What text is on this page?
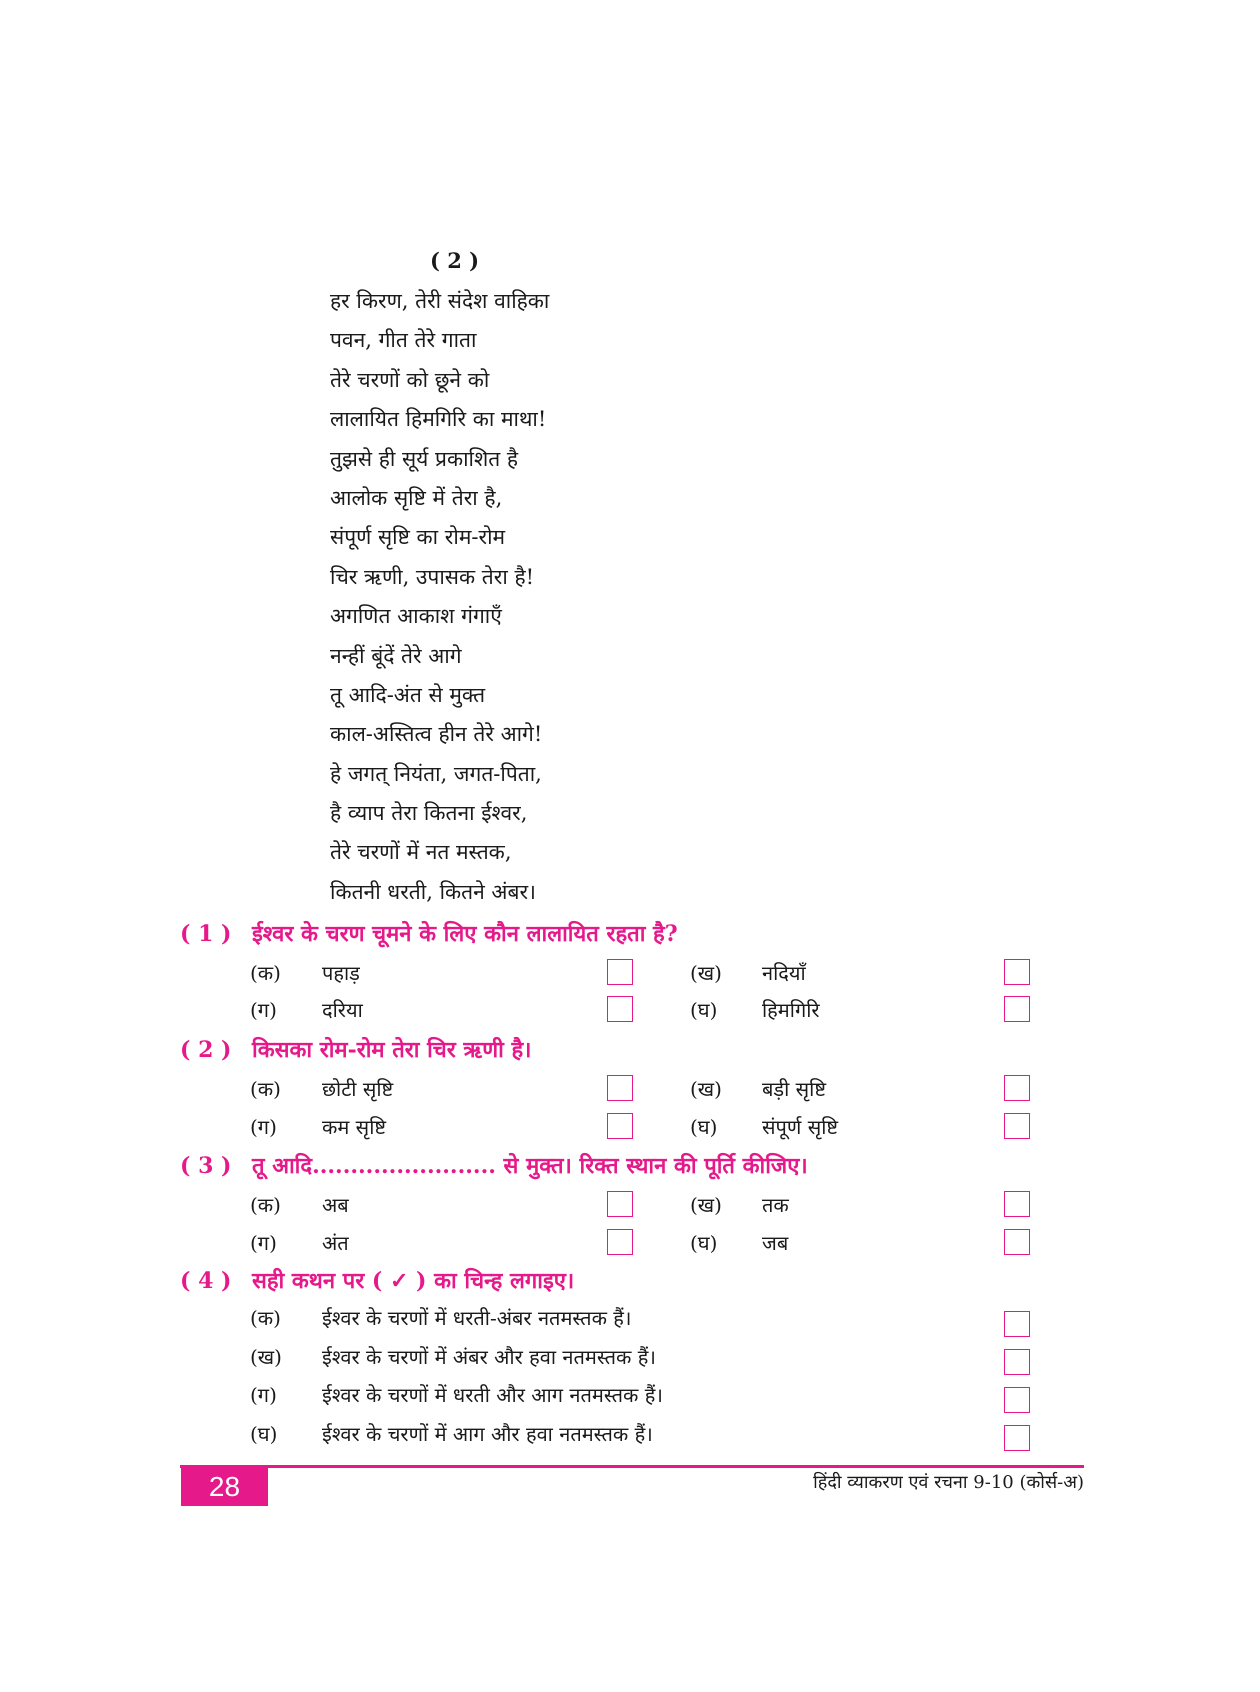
( 2 )
हर किरण, तेरी संदेश वाहिका
पवन, गीत तेरे गाता
तेरे चरणों को छूने को
लालायित हिमगिरि का माथा!
तुझसे ही सूर्य प्रकाशित है
आलोक सृष्टि में तेरा है,
संपूर्ण सृष्टि का रोम-रोम
चिर ऋणी, उपासक तेरा है!
अगणित आकाश गंगाएँ
नन्हीं बूंदें तेरे आगे
तू आदि-अंत से मुक्त
काल-अस्तित्व हीन तेरे आगे!
हे जगत् नियंता, जगत-पिता,
है व्याप तेरा कितना ईश्वर,
तेरे चरणों में नत मस्तक,
कितनी धरती, कितने अंबर।
( 1 ) ईश्वर के चरण चूमने के लिए कौन लालायित रहता है?
(क) पहाड़	(ख) नदियाँ
(ग) दरिया	(घ) हिमगिरि
( 2 ) किसका रोम-रोम तेरा चिर ऋणी है।
(क) छोटी सृष्टि	(ख) बड़ी सृष्टि
(ग) कम सृष्टि	(घ) संपूर्ण सृष्टि
( 3 ) तू आदि........................ से मुक्त। रिक्त स्थान की पूर्ति कीजिए।
(क) अब	(ख) तक
(ग) अंत	(घ) जब
( 4 ) सही कथन पर ( ✓ ) का चिन्ह लगाइए।
(क) ईश्वर के चरणों में धरती-अंबर नतमस्तक हैं।
(ख) ईश्वर के चरणों में अंबर और हवा नतमस्तक हैं।
(ग) ईश्वर के चरणों में धरती और आग नतमस्तक हैं।
(घ) ईश्वर के चरणों में आग और हवा नतमस्तक हैं।
28	हिंदी व्याकरण एवं रचना 9-10 (कोर्स-अ)
